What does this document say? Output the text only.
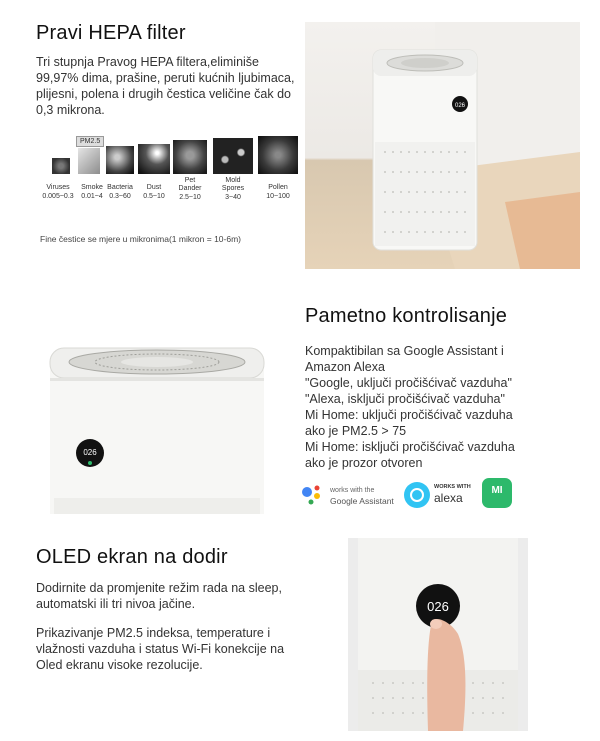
Pravi HEPA filter
Tri stupnja Pravog HEPA filtera,eliminiše 99,97% dima, prašine, peruti kućnih ljubimaca, plijesni, polena i drugih čestica veličine čak do 0,3 mikrona.
PM2.5
Viruses
0.005~0.3
Smoke
0.01~4
Bacteria
0.3~60
Dust
0.5~10
Pet
Dander
2.5~10
Mold
Spores
3~40
Pollen
10~100
Fine čestice se mjere u mikronima(1 mikron = 10-6m)
026
026
Pametno kontrolisanje
Kompaktibilan sa Google Assistant i
Amazon Alexa
"Google, uključi pročišćivač vazduha"
"Alexa, isključi pročišćivač vazduha"
Mi Home: uključi pročišćivač vazduha
ako je PM2.5 > 75
Mi Home: isključi pročišćivač vazduha
ako je prozor otvoren
works with the
Google Assistant
WORKS WITH
alexa
MI
OLED ekran na dodir
Dodirnite da promjenite režim rada na sleep, automatski ili tri nivoa jačine.
Prikazivanje PM2.5 indeksa, temperature i vlažnosti vazduha i status Wi-Fi konekcije na Oled ekranu visoke rezolucije.
026
